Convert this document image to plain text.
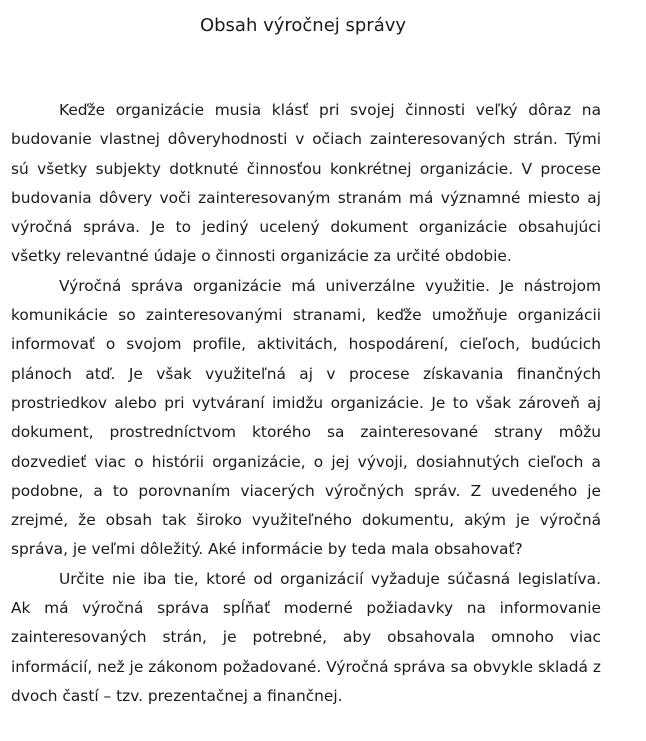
Obsah výročnej správy

Keďže organizácie musia klásť pri svojej činnosti veľký dôraz na budovanie vlastnej dôveryhodnosti v očiach zainteresovaných strán. Tými sú všetky subjekty dotknuté činnosťou konkrétnej organizácie. V procese budovania dôvery voči zainteresovaným stranám má významné miesto aj výročná správa. Je to jediný ucelený dokument organizácie obsahujúci všetky relevantné údaje o činnosti organizácie za určité obdobie.

Výročná správa organizácie má univerzálne využitie. Je nástrojom komunikácie so zainteresovanými stranami, keďže umožňuje organizácii informovať o svojom profile, aktivitách, hospodárení, cieľoch, budúcich plánoch atď. Je však využiteľná aj v procese získavania finančných prostriedkov alebo pri vytváraní imidžu organizácie. Je to však zároveň aj dokument, prostredníctvom ktorého sa zainteresované strany môžu dozvedieť viac o histórii organizácie, o jej vývoji, dosiahnutých cieľoch a podobne, a to porovnaním viacerých výročných správ. Z uvedeného je zrejmé, že obsah tak široko využiteľného dokumentu, akým je výročná správa, je veľmi dôležitý. Aké informácie by teda mala obsahovať?

Určite nie iba tie, ktoré od organizácií vyžaduje súčasná legislatíva. Ak má výročná správa spĺňať moderné požiadavky na informovanie zainteresovaných strán, je potrebné, aby obsahovala omnoho viac informácií, než je zákonom požadované. Výročná správa sa obvykle skladá z dvoch častí – tzv. prezentačnej a finančnej.
